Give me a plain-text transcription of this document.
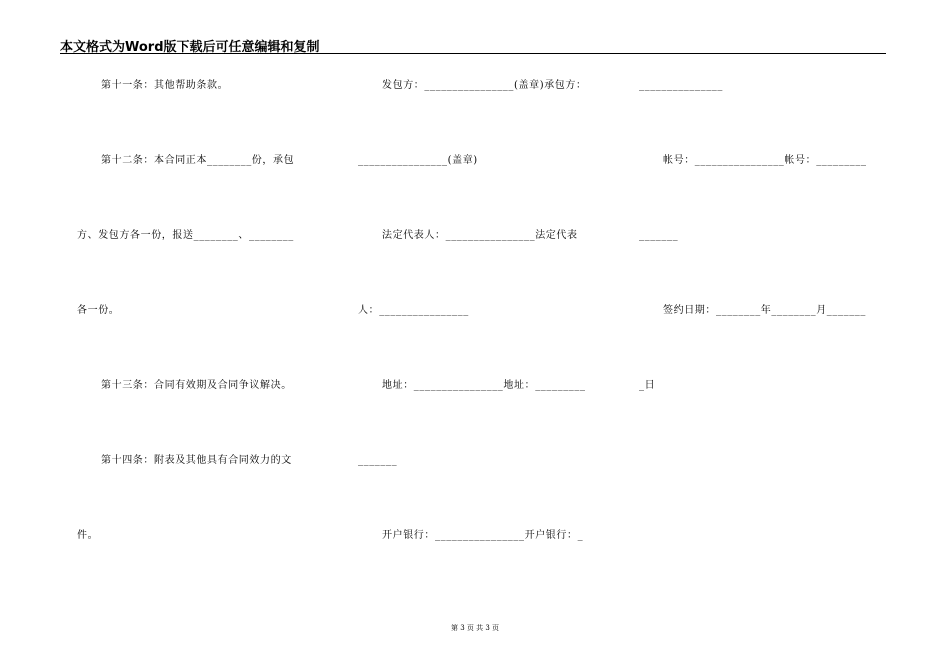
本文格式为Word版下载后可任意编辑和复制
第十一条：其他帮助条款。
第十二条：本合同正本________份，承包
方、发包方各一份，报送________、________
各一份。
第十三条：合同有效期及合同争议解决。
第十四条：附表及其他具有合同效力的文
件。
发包方：________________(盖章)承包方：
________________(盖章)
法定代表人：________________法定代表
人：________________
地址：________________地址：_________
_______
开户银行：________________开户银行：_
_______________
帐号：________________帐号：_________
_______
签约日期：________年________月_______
_日
第 3 页 共 3 页
